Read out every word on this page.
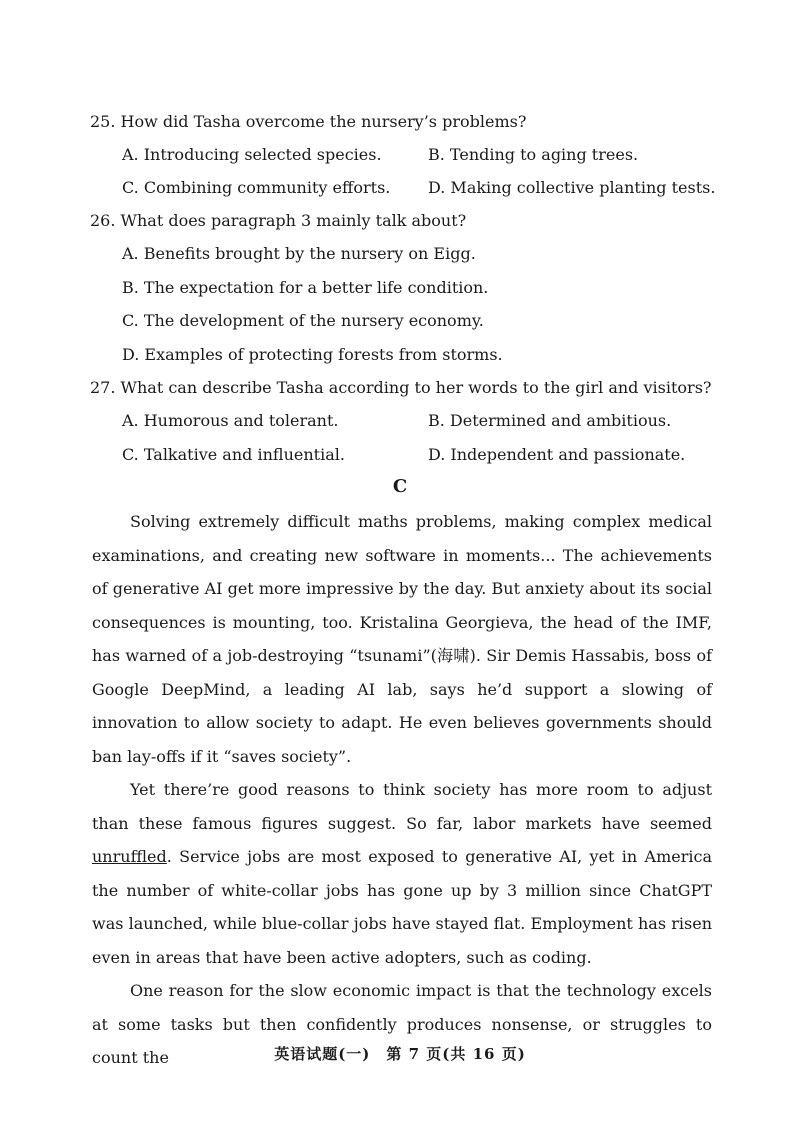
25. How did Tasha overcome the nursery’s problems?
A. Introducing selected species.	B. Tending to aging trees.
C. Combining community efforts. D. Making collective planting tests.
26. What does paragraph 3 mainly talk about?
A. Benefits brought by the nursery on Eigg.
B. The expectation for a better life condition.
C. The development of the nursery economy.
D. Examples of protecting forests from storms.
27. What can describe Tasha according to her words to the girl and visitors?
A. Humorous and tolerant.	B. Determined and ambitious.
C. Talkative and influential.	D. Independent and passionate.
C

Solving extremely difficult maths problems, making complex medical examinations, and creating new software in moments... The achievements of generative AI get more impressive by the day. But anxiety about its social consequences is mounting, too. Kristalina Georgieva, the head of the IMF, has warned of a job-destroying “tsunami”(海啸). Sir Demis Hassabis, boss of Google DeepMind, a leading AI lab, says he’d support a slowing of innovation to allow society to adapt. He even believes governments should ban lay-offs if it “saves society”.

Yet there’re good reasons to think society has more room to adjust than these famous figures suggest. So far, labor markets have seemed unruffled. Service jobs are most exposed to generative AI, yet in America the number of white-collar jobs has gone up by 3 million since ChatGPT was launched, while blue-collar jobs have stayed flat. Employment has risen even in areas that have been active adopters, such as coding.

One reason for the slow economic impact is that the technology excels at some tasks but then confidently produces nonsense, or struggles to count the	英语试题(一)　第 7 页(共 16 页)
